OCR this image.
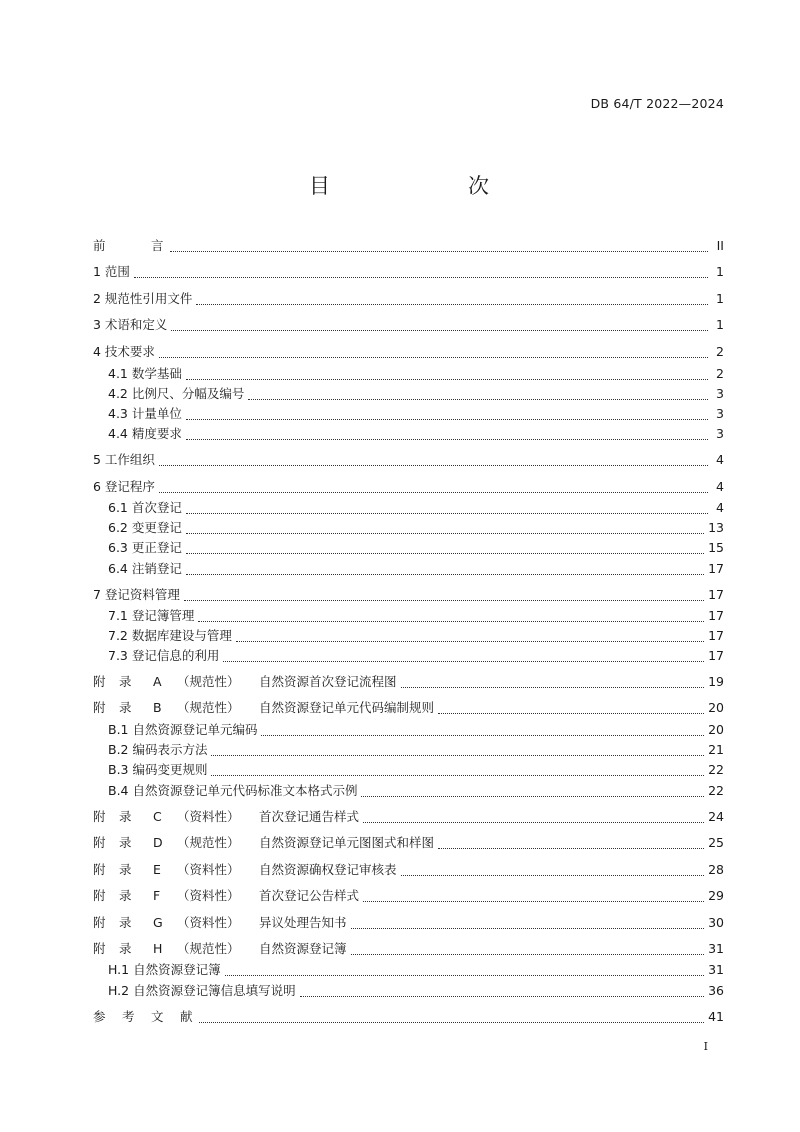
DB 64/T 2022—2024
目　　次
前　　　言	II
1 范围	1
2 规范性引用文件	1
3 术语和定义	1
4 技术要求	2
4.1 数学基础	2
4.2 比例尺、分幅及编号	3
4.3 计量单位	3
4.4 精度要求	3
5 工作组织	4
6 登记程序	4
6.1 首次登记	4
6.2 变更登记	13
6.3 更正登记	15
6.4 注销登记	17
7 登记资料管理	17
7.1 登记簿管理	17
7.2 数据库建设与管理	17
7.3 登记信息的利用	17
附	录	A	（规范性）	自然资源首次登记流程图	19
附	录	B	（规范性）	自然资源登记单元代码编制规则	20
B.1 自然资源登记单元编码	20
B.2 编码表示方法	21
B.3 编码变更规则	22
B.4 自然资源登记单元代码标准文本格式示例	22
附	录	C	（资料性）	首次登记通告样式	24
附	录	D	（规范性）	自然资源登记单元图图式和样图	25
附	录	E	（资料性）	自然资源确权登记审核表	28
附	录	F	（资料性）	首次登记公告样式	29
附	录	G	（资料性）	异议处理告知书	30
附	录	H	（规范性）	自然资源登记簿	31
H.1 自然资源登记簿	31
H.2 自然资源登记簿信息填写说明	36
参　考　文　献	41
I
